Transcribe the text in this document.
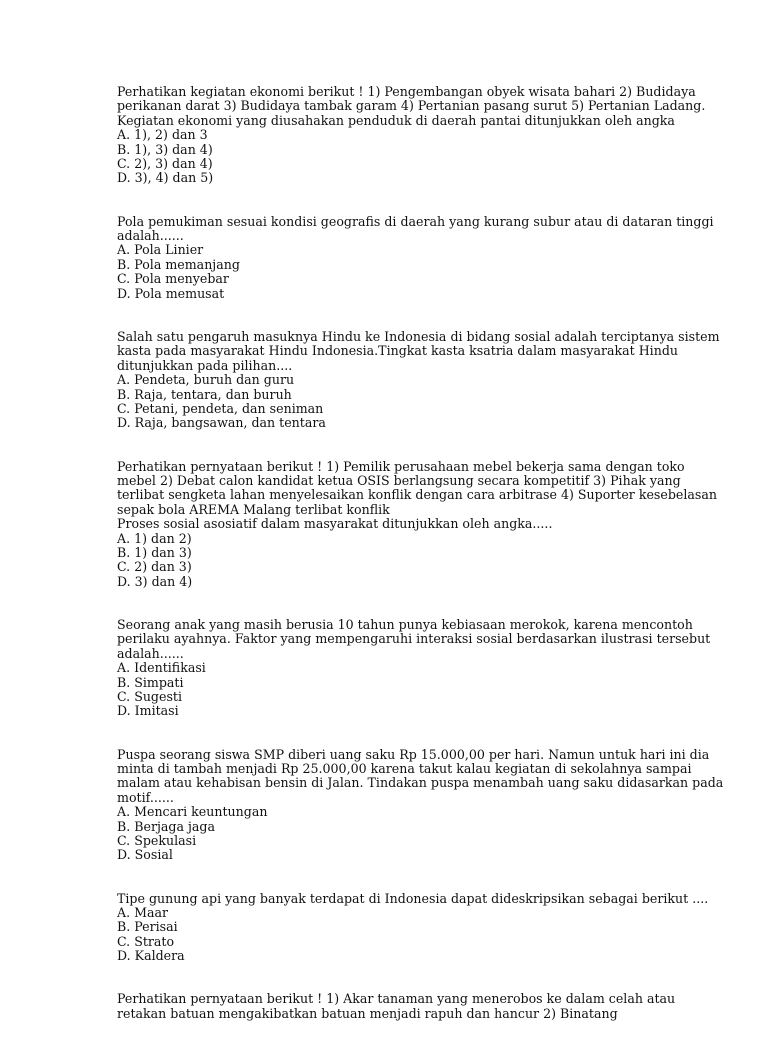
Perhatikan kegiatan ekonomi berikut ! 1) Pengembangan obyek wisata bahari 2) Budidaya perikanan darat 3) Budidaya tambak garam 4) Pertanian pasang surut 5) Pertanian Ladang.

Kegiatan ekonomi yang diusahakan penduduk di daerah pantai ditunjukkan oleh angka

A. 1), 2) dan 3
B. 1), 3) dan 4)
C. 2), 3) dan 4)
D. 3), 4) dan 5)

Pola pemukiman sesuai kondisi geografis di daerah yang kurang subur atau di dataran tinggi adalah......

A. Pola Linier
B. Pola memanjang
C. Pola menyebar
D. Pola memusat

Salah satu pengaruh masuknya Hindu ke Indonesia di bidang sosial adalah terciptanya sistem kasta pada masyarakat Hindu Indonesia.Tingkat kasta ksatria dalam masyarakat Hindu ditunjukkan pada pilihan....

A. Pendeta, buruh dan guru
B. Raja, tentara, dan buruh
C. Petani, pendeta, dan seniman
D. Raja, bangsawan, dan tentara

Perhatikan pernyataan berikut ! 1) Pemilik perusahaan mebel bekerja sama dengan toko mebel 2) Debat calon kandidat ketua OSIS berlangsung secara kompetitif 3) Pihak yang terlibat sengketa lahan menyelesaikan konflik dengan cara arbitrase 4) Suporter kesebelasan sepak bola AREMA Malang terlibat konflik

Proses sosial asosiatif dalam masyarakat ditunjukkan oleh angka.....

A. 1) dan 2)
B. 1) dan 3)
C. 2) dan 3)
D. 3) dan 4)

Seorang anak yang masih berusia 10 tahun punya kebiasaan merokok, karena mencontoh perilaku ayahnya. Faktor yang mempengaruhi interaksi sosial berdasarkan ilustrasi tersebut adalah......

A. Identifikasi
B. Simpati
C. Sugesti
D. Imitasi

Puspa seorang siswa SMP diberi uang saku Rp 15.000,00 per hari. Namun untuk hari ini dia minta di tambah menjadi Rp 25.000,00 karena takut kalau kegiatan di sekolahnya sampai malam atau kehabisan bensin di Jalan. Tindakan puspa menambah uang saku didasarkan pada motif......

A. Mencari keuntungan
B. Berjaga jaga
C. Spekulasi
D. Sosial

Tipe gunung api yang banyak terdapat di Indonesia dapat dideskripsikan sebagai berikut ....

A. Maar
B. Perisai
C. Strato
D. Kaldera

Perhatikan pernyataan berikut ! 1) Akar tanaman yang menerobos ke dalam celah atau retakan batuan mengakibatkan batuan menjadi rapuh dan hancur 2) Binatang
